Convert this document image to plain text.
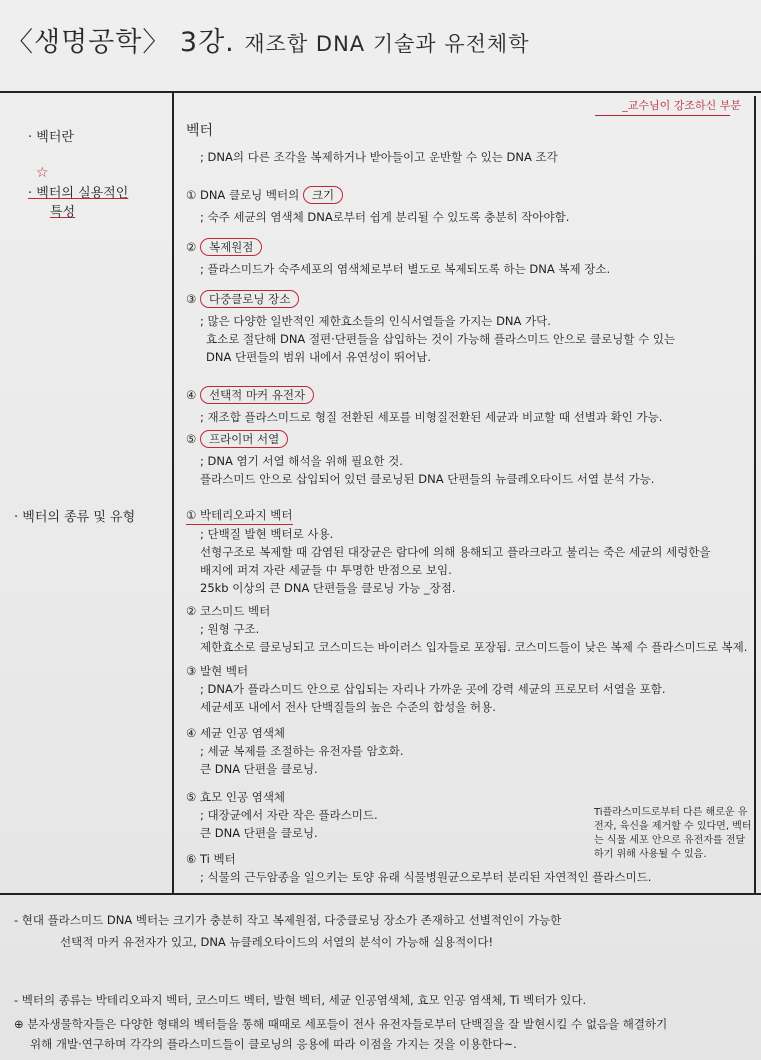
〈생명공학〉 3강. 재조합 DNA 기술과 유전체학
_교수님이 강조하신 부분
· 벡터란
☆
· 벡터의 실용적인
특성
· 벡터의 종류 및 유형
벡터
; DNA의 다른 조각을 복제하거나 받아들이고 운반할 수 있는 DNA 조각
① DNA 클로닝 벡터의 크기
; 숙주 세균의 염색체 DNA로부터 쉽게 분리될 수 있도록 충분히 작아야함.
② 복제원점
; 플라스미드가 숙주세포의 염색체로부터 별도로 복제되도록 하는 DNA 복제 장소.
③ 다중클로닝 장소
; 많은 다양한 일반적인 제한효소들의 인식서열들을 가지는 DNA 가닥.
효소로 절단해 DNA 절편·단편들을 삽입하는 것이 가능해 플라스미드 안으로 클로닝할 수 있는
DNA 단편들의 범위 내에서 유연성이 뛰어남.
④ 선택적 마커 유전자
; 재조합 플라스미드로 형질 전환된 세포를 비형질전환된 세균과 비교할 때 선별과 확인 가능.
⑤ 프라이머 서열
; DNA 염기 서열 해석을 위해 필요한 것.
플라스미드 안으로 삽입되어 있던 클로닝된 DNA 단편들의 뉴클레오타이드 서열 분석 가능.
① 박테리오파지 벡터
; 단백질 발현 벡터로 사용.
선형구조로 복제할 때 감염된 대장균은 람다에 의해 용해되고 플라크라고 불리는 죽은 세균의 세렁한을
배지에 퍼져 자란 세균들 中 투명한 반점으로 보임.
25kb 이상의 큰 DNA 단편들을 클로닝 가능 _장점.
② 코스미드 벡터
; 원형 구조.
제한효소로 클로닝되고 코스미드는 바이러스 입자들로 포장됨. 코스미드들이 낮은 복제 수 플라스미드로 복제.
③ 발현 벡터
; DNA가 플라스미드 안으로 삽입되는 자리나 가까운 곳에 강력 세균의 프로모터 서열을 포함.
세균세포 내에서 전사 단백질들의 높은 수준의 합성을 허용.
④ 세균 인공 염색체
; 세균 복제를 조절하는 유전자를 암호화.
큰 DNA 단편을 클로닝.
⑤ 효모 인공 염색체
; 대장균에서 자란 작은 플라스미드.
큰 DNA 단편을 클로닝.
⑥ Ti 벡터
; 식물의 근두암종을 일으키는 토양 유래 식물병원균으로부터 분리된 자연적인 플라스미드.
Ti플라스미드로부터 다른 해로운 유전자, 육신을 제거할 수 있다면, 벡터는 식물 세포 안으로 유전자를 전달하기 위해 사용될 수 있음.
- 현대 플라스미드 DNA 벡터는 크기가 충분히 작고 복제원점, 다중클로닝 장소가 존재하고 선별적인이 가능한
선택적 마커 유전자가 있고, DNA 뉴클레오타이드의 서열의 분석이 가능해 실용적이다!
- 벡터의 종류는 박테리오파지 벡터, 코스미드 벡터, 발현 벡터, 세균 인공염색체, 효모 인공 염색체, Ti 벡터가 있다.
⊕ 분자생물학자들은 다양한 형태의 벡터들을 통해 때때로 세포들이 전사 유전자들로부터 단백질을 잘 발현시킬 수 없음을 해결하기
위해 개발·연구하며 각각의 플라스미드들이 클로닝의 응용에 따라 이점을 가지는 것을 이용한다~.
